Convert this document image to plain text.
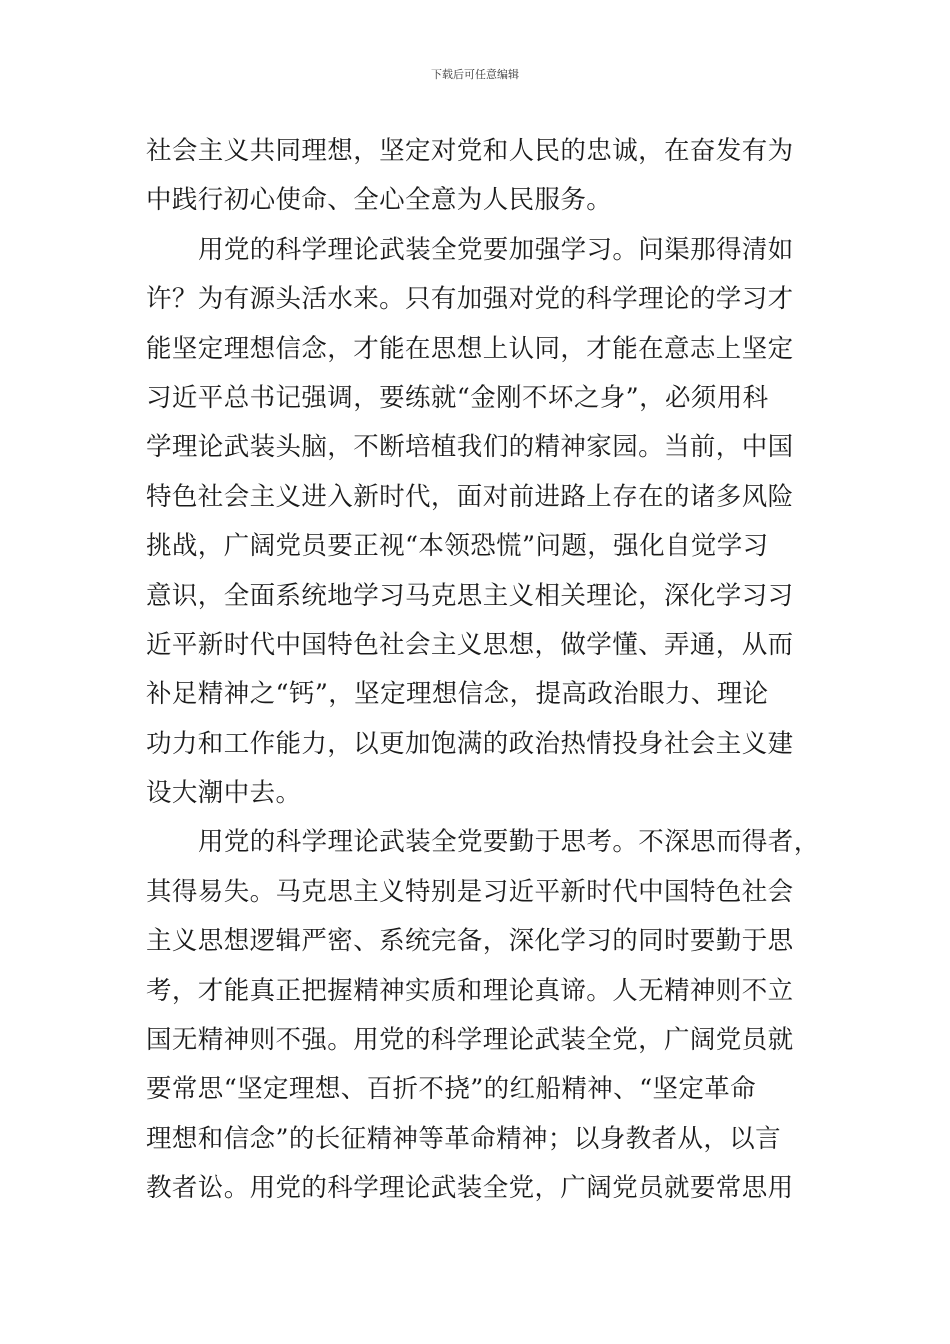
下载后可任意编辑
社会主义共同理想，坚定对党和人民的忠诚，在奋发有为
中践行初心使命、全心全意为人民服务。
用党的科学理论武装全党要加强学习。问渠那得清如
许？为有源头活水来。只有加强对党的科学理论的学习才
能坚定理想信念，才能在思想上认同，才能在意志上坚定
习近平总书记强调，要练就“金刚不坏之身”，必须用科
学理论武装头脑，不断培植我们的精神家园。当前，中国
特色社会主义进入新时代，面对前进路上存在的诸多风险
挑战，广阔党员要正视“本领恐慌”问题，强化自觉学习
意识，全面系统地学习马克思主义相关理论，深化学习习
近平新时代中国特色社会主义思想，做学懂、弄通，从而
补足精神之“钙”，坚定理想信念，提高政治眼力、理论
功力和工作能力，以更加饱满的政治热情投身社会主义建
设大潮中去。
用党的科学理论武装全党要勤于思考。不深思而得者，
其得易失。马克思主义特别是习近平新时代中国特色社会
主义思想逻辑严密、系统完备，深化学习的同时要勤于思
考，才能真正把握精神实质和理论真谛。人无精神则不立
国无精神则不强。用党的科学理论武装全党，广阔党员就
要常思“坚定理想、百折不挠”的红船精神、“坚定革命
理想和信念”的长征精神等革命精神；以身教者从，以言
教者讼。用党的科学理论武装全党，广阔党员就要常思用
